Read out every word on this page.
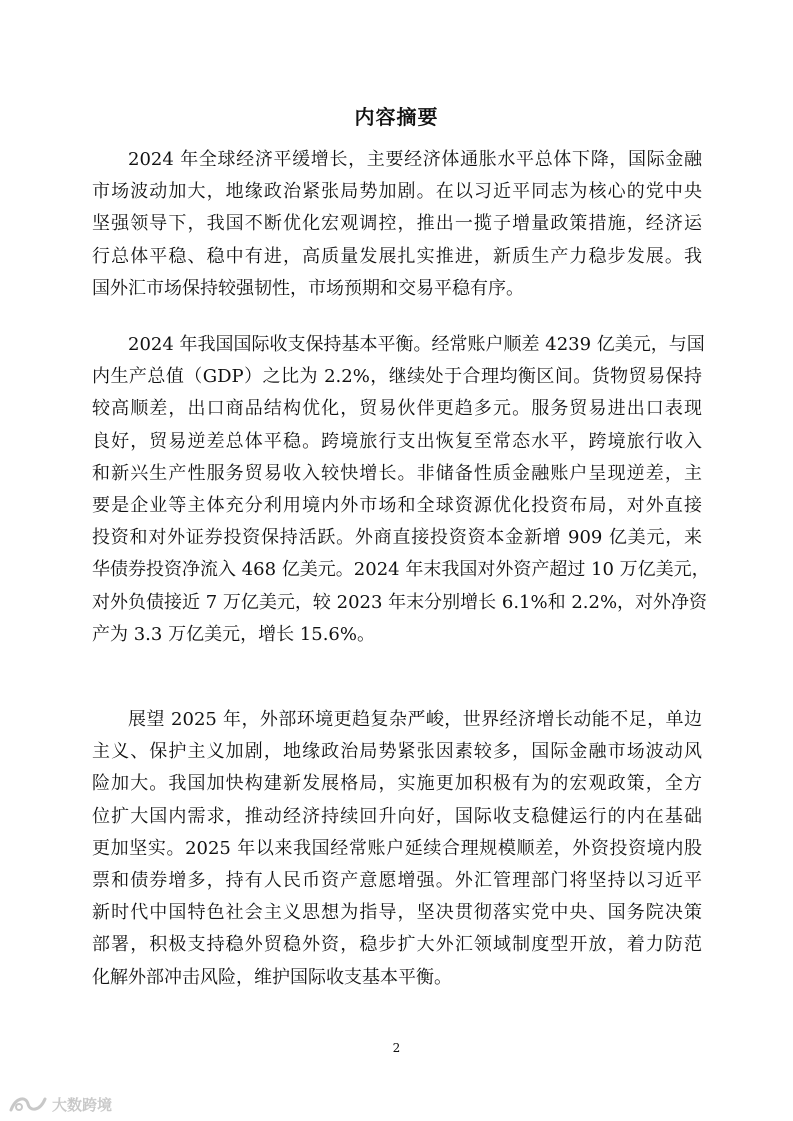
内容摘要
2024 年全球经济平缓增长，主要经济体通胀水平总体下降，国际金融
市场波动加大，地缘政治紧张局势加剧。在以习近平同志为核心的党中央
坚强领导下，我国不断优化宏观调控，推出一揽子增量政策措施，经济运
行总体平稳、稳中有进，高质量发展扎实推进，新质生产力稳步发展。我
国外汇市场保持较强韧性，市场预期和交易平稳有序。
2024 年我国国际收支保持基本平衡。经常账户顺差 4239 亿美元，与国
内生产总值（GDP）之比为 2.2%，继续处于合理均衡区间。货物贸易保持
较高顺差，出口商品结构优化，贸易伙伴更趋多元。服务贸易进出口表现
良好，贸易逆差总体平稳。跨境旅行支出恢复至常态水平，跨境旅行收入
和新兴生产性服务贸易收入较快增长。非储备性质金融账户呈现逆差，主
要是企业等主体充分利用境内外市场和全球资源优化投资布局，对外直接
投资和对外证券投资保持活跃。外商直接投资资本金新增 909 亿美元，来
华债券投资净流入 468 亿美元。2024 年末我国对外资产超过 10 万亿美元，
对外负债接近 7 万亿美元，较 2023 年末分别增长 6.1%和 2.2%，对外净资
产为 3.3 万亿美元，增长 15.6%。
展望 2025 年，外部环境更趋复杂严峻，世界经济增长动能不足，单边
主义、保护主义加剧，地缘政治局势紧张因素较多，国际金融市场波动风
险加大。我国加快构建新发展格局，实施更加积极有为的宏观政策，全方
位扩大国内需求，推动经济持续回升向好，国际收支稳健运行的内在基础
更加坚实。2025 年以来我国经常账户延续合理规模顺差，外资投资境内股
票和债券增多，持有人民币资产意愿增强。外汇管理部门将坚持以习近平
新时代中国特色社会主义思想为指导，坚决贯彻落实党中央、国务院决策
部署，积极支持稳外贸稳外资，稳步扩大外汇领域制度型开放，着力防范
化解外部冲击风险，维护国际收支基本平衡。
2
大数跨境
